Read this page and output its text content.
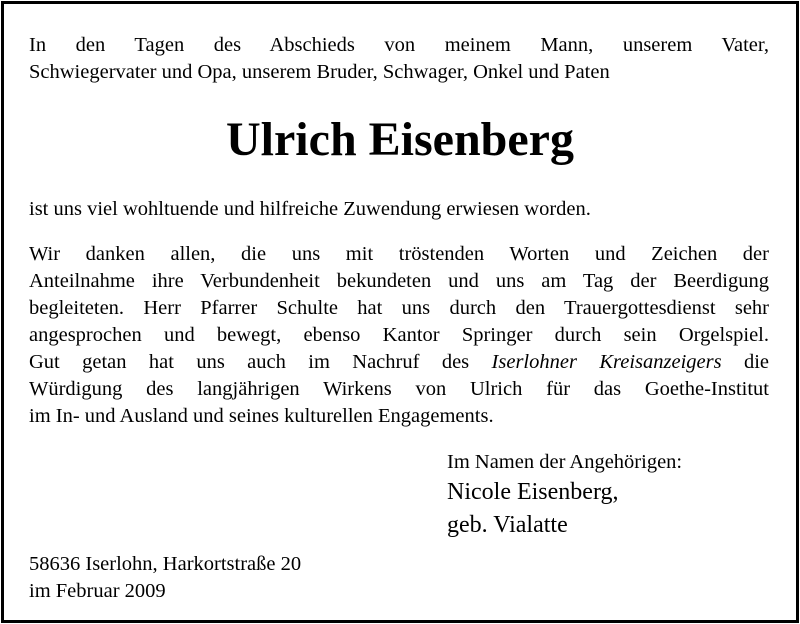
In den Tagen des Abschieds von meinem Mann, unserem Vater,
Schwiegervater und Opa, unserem Bruder, Schwager, Onkel und Paten

Ulrich Eisenberg

ist uns viel wohltuende und hilfreiche Zuwendung erwiesen worden.

Wir danken allen, die uns mit tröstenden Worten und Zeichen der
Anteilnahme ihre Verbundenheit bekundeten und uns am Tag der Beerdigung
begleiteten. Herr Pfarrer Schulte hat uns durch den Trauergottesdienst sehr
angesprochen und bewegt, ebenso Kantor Springer durch sein Orgelspiel.
Gut getan hat uns auch im Nachruf des Iserlohner Kreisanzeigers die
Würdigung des langjährigen Wirkens von Ulrich für das Goethe-Institut
im In- und Ausland und seines kulturellen Engagements.

Im Namen der Angehörigen:

Nicole Eisenberg,
geb. Vialatte

58636 Iserlohn, Harkortstraße 20
im Februar 2009
